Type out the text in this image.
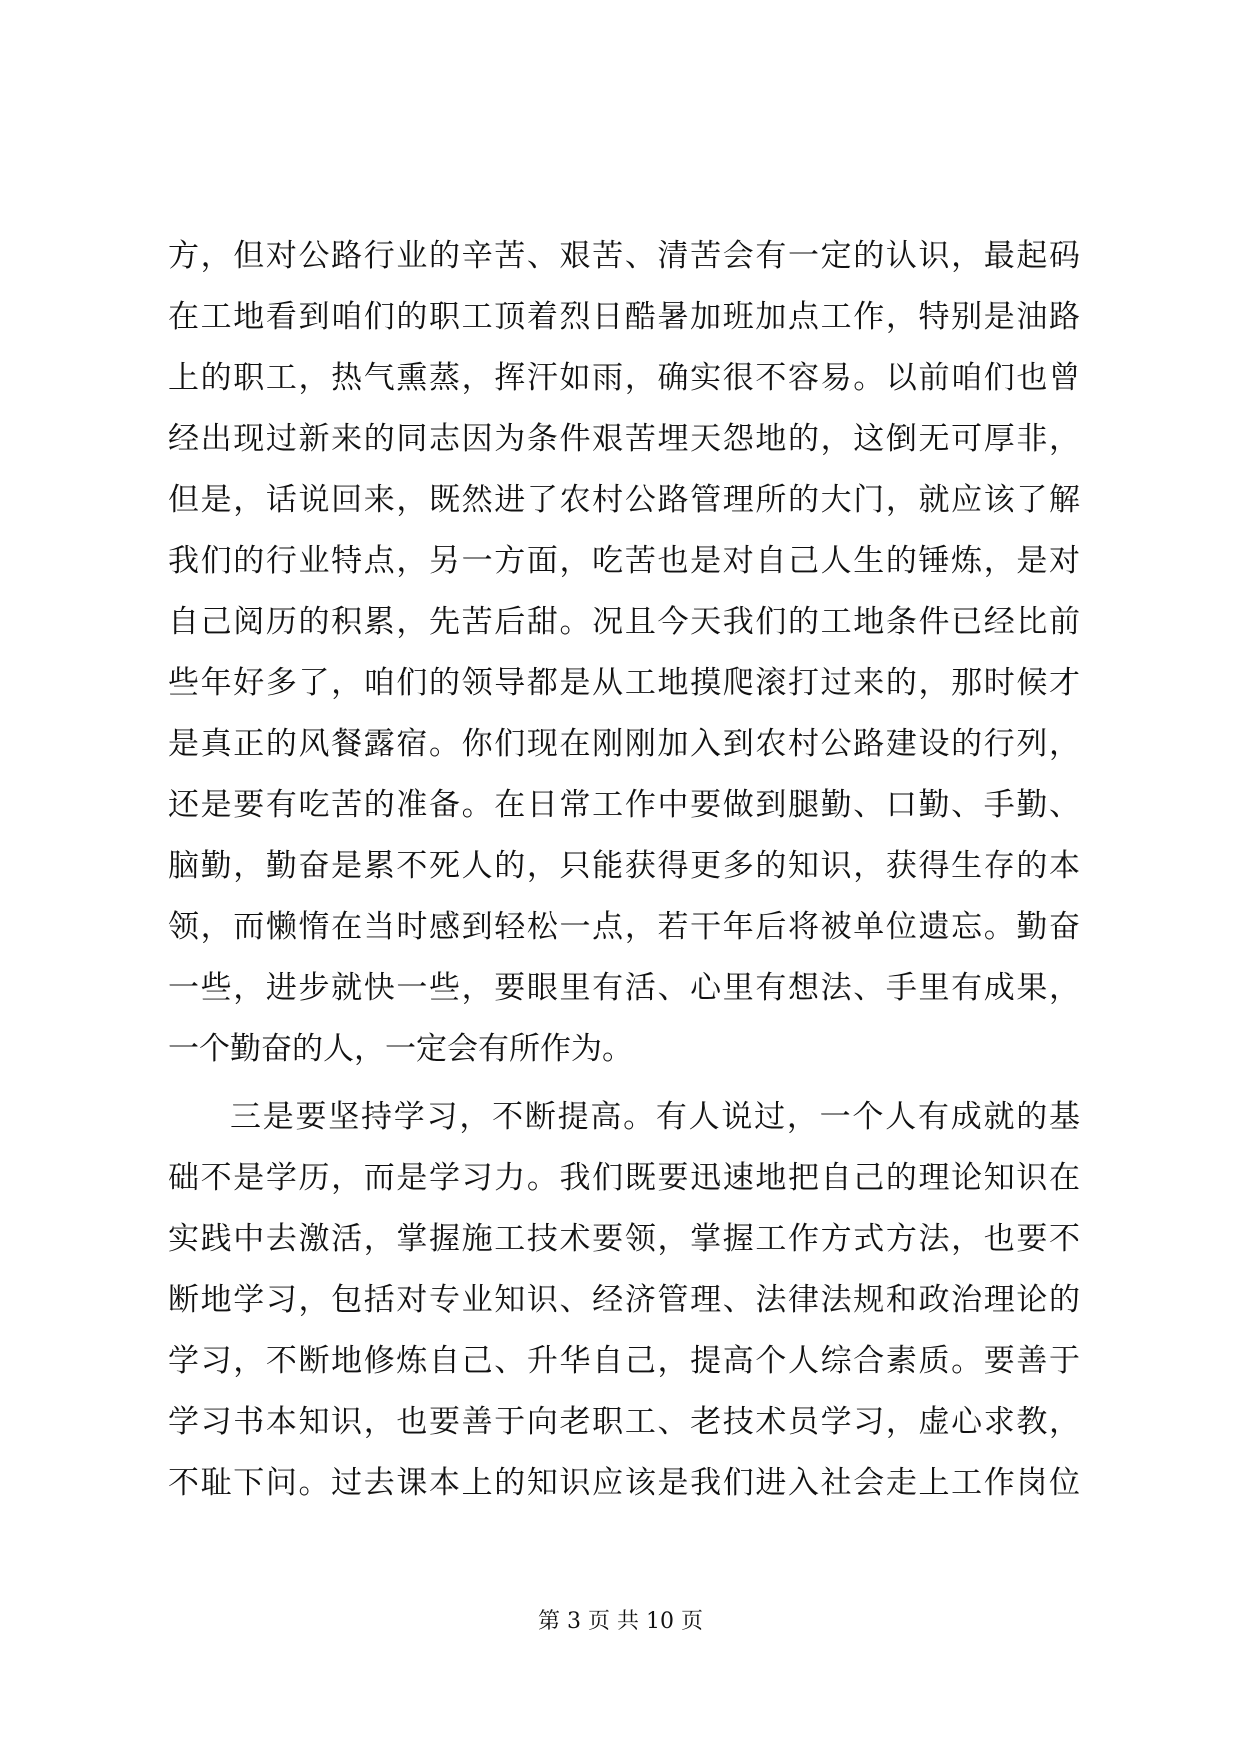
方，但对公路行业的辛苦、艰苦、清苦会有一定的认识，最起码
在工地看到咱们的职工顶着烈日酷暑加班加点工作，特别是油路
上的职工，热气熏蒸，挥汗如雨，确实很不容易。以前咱们也曾
经出现过新来的同志因为条件艰苦埋天怨地的，这倒无可厚非，
但是，话说回来，既然进了农村公路管理所的大门，就应该了解
我们的行业特点，另一方面，吃苦也是对自己人生的锤炼，是对
自己阅历的积累，先苦后甜。况且今天我们的工地条件已经比前
些年好多了，咱们的领导都是从工地摸爬滚打过来的，那时候才
是真正的风餐露宿。你们现在刚刚加入到农村公路建设的行列，
还是要有吃苦的准备。在日常工作中要做到腿勤、口勤、手勤、
脑勤，勤奋是累不死人的，只能获得更多的知识，获得生存的本
领，而懒惰在当时感到轻松一点，若干年后将被单位遗忘。勤奋
一些，进步就快一些，要眼里有活、心里有想法、手里有成果，
一个勤奋的人，一定会有所作为。
三是要坚持学习，不断提高。有人说过，一个人有成就的基
础不是学历，而是学习力。我们既要迅速地把自己的理论知识在
实践中去激活，掌握施工技术要领，掌握工作方式方法，也要不
断地学习，包括对专业知识、经济管理、法律法规和政治理论的
学习，不断地修炼自己、升华自己，提高个人综合素质。要善于
学习书本知识，也要善于向老职工、老技术员学习，虚心求教，
不耻下问。过去课本上的知识应该是我们进入社会走上工作岗位
第 3 页 共 10 页
